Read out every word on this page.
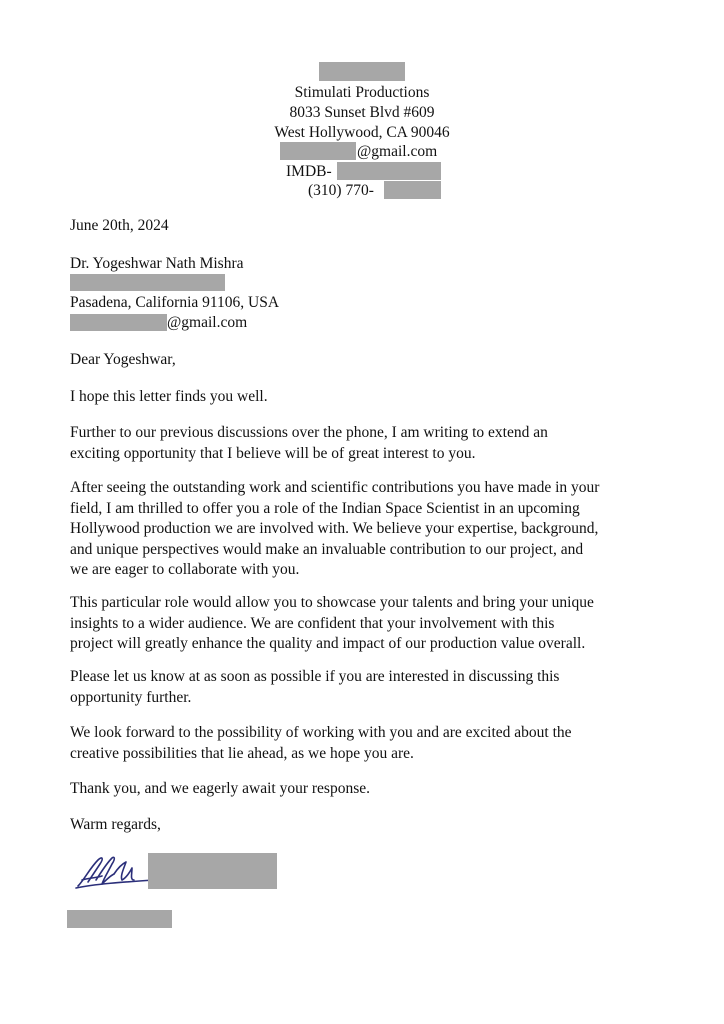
Stimulati Productions
8033 Sunset Blvd #609
West Hollywood, CA 90046
@gmail.com
IMDB-
(310) 770-
June 20th, 2024
Dr. Yogeshwar Nath Mishra
Pasadena, California 91106, USA
@gmail.com
Dear Yogeshwar,
I hope this letter finds you well.
Further to our previous discussions over the phone, I am writing to extend an
exciting opportunity that I believe will be of great interest to you.
After seeing the outstanding work and scientific contributions you have made in your
field, I am thrilled to offer you a role of the Indian Space Scientist in an upcoming
Hollywood production we are involved with. We believe your expertise, background,
and unique perspectives would make an invaluable contribution to our project, and
we are eager to collaborate with you.
This particular role would allow you to showcase your talents and bring your unique
insights to a wider audience. We are confident that your involvement with this
project will greatly enhance the quality and impact of our production value overall.
Please let us know at as soon as possible if you are interested in discussing this
opportunity further.
We look forward to the possibility of working with you and are excited about the
creative possibilities that lie ahead, as we hope you are.
Thank you, and we eagerly await your response.
Warm regards,
